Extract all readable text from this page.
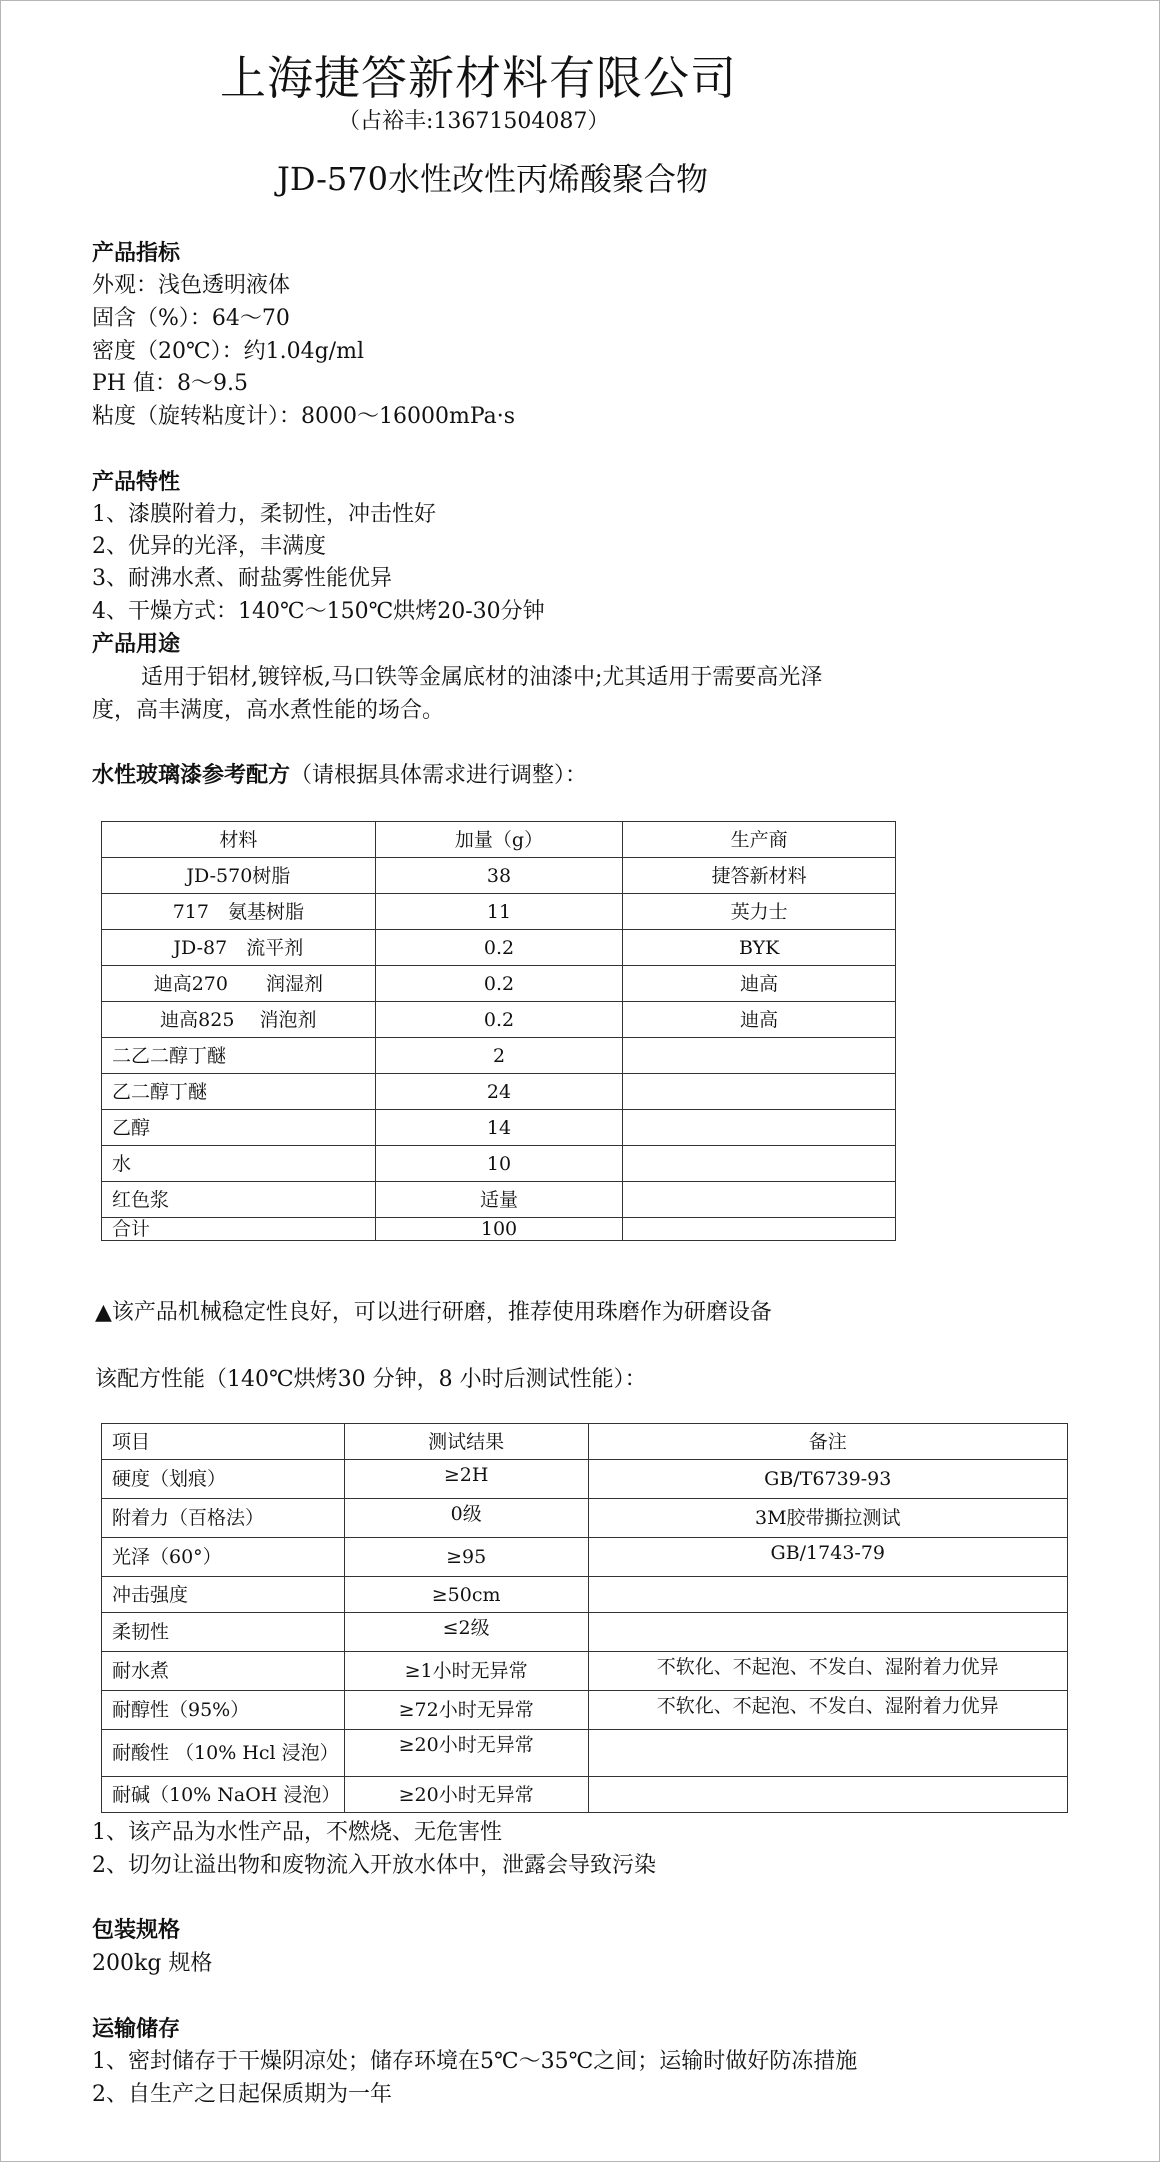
上海捷答新材料有限公司
（占裕丰:13671504087）
JD-570水性改性丙烯酸聚合物
产品指标
外观：浅色透明液体
固含（%）：64～70
密度（20℃）：约1.04g/ml
PH 值：8～9.5
粘度（旋转粘度计）：8000～16000mPa·s
产品特性
1、漆膜附着力，柔韧性，冲击性好
2、优异的光泽，丰满度
3、耐沸水煮、耐盐雾性能优异
4、干燥方式：140℃～150℃烘烤20-30分钟
产品用途
适用于铝材,镀锌板,马口铁等金属底材的油漆中;尤其适用于需要高光泽
度，高丰满度，高水煮性能的场合。
水性玻璃漆参考配方（请根据具体需求进行调整）：
材料	加量（g）	生产商
JD-570树脂	38	捷答新材料
717　氨基树脂	11	英力士
JD-87　流平剂	0.2	BYK
迪高270　　润湿剂	0.2	迪高
迪高825　 消泡剂	0.2	迪高
二乙二醇丁醚	2	
乙二醇丁醚	24	
乙醇	14	
水	10	
红色浆	适量	
合计	100	
▲该产品机械稳定性良好，可以进行研磨，推荐使用珠磨作为研磨设备
该配方性能（140℃烘烤30 分钟，8 小时后测试性能）：
项目	测试结果	备注
硬度（划痕）	≥2H	GB/T6739-93
附着力（百格法）	0级	3M胶带撕拉测试
光泽（60°）	≥95	GB/1743-79
冲击强度	≥50cm	
柔韧性	≤2级	
耐水煮	≥1小时无异常	不软化、不起泡、不发白、湿附着力优异
耐醇性（95%）	≥72小时无异常	不软化、不起泡、不发白、湿附着力优异
耐酸性 （10% Hcl 浸泡）	≥20小时无异常	
耐碱（10% NaOH 浸泡）	≥20小时无异常	
1、该产品为水性产品，不燃烧、无危害性
2、切勿让溢出物和废物流入开放水体中，泄露会导致污染
包装规格
200kg 规格
运输储存
1、密封储存于干燥阴凉处；储存环境在5℃～35℃之间；运输时做好防冻措施
2、自生产之日起保质期为一年
